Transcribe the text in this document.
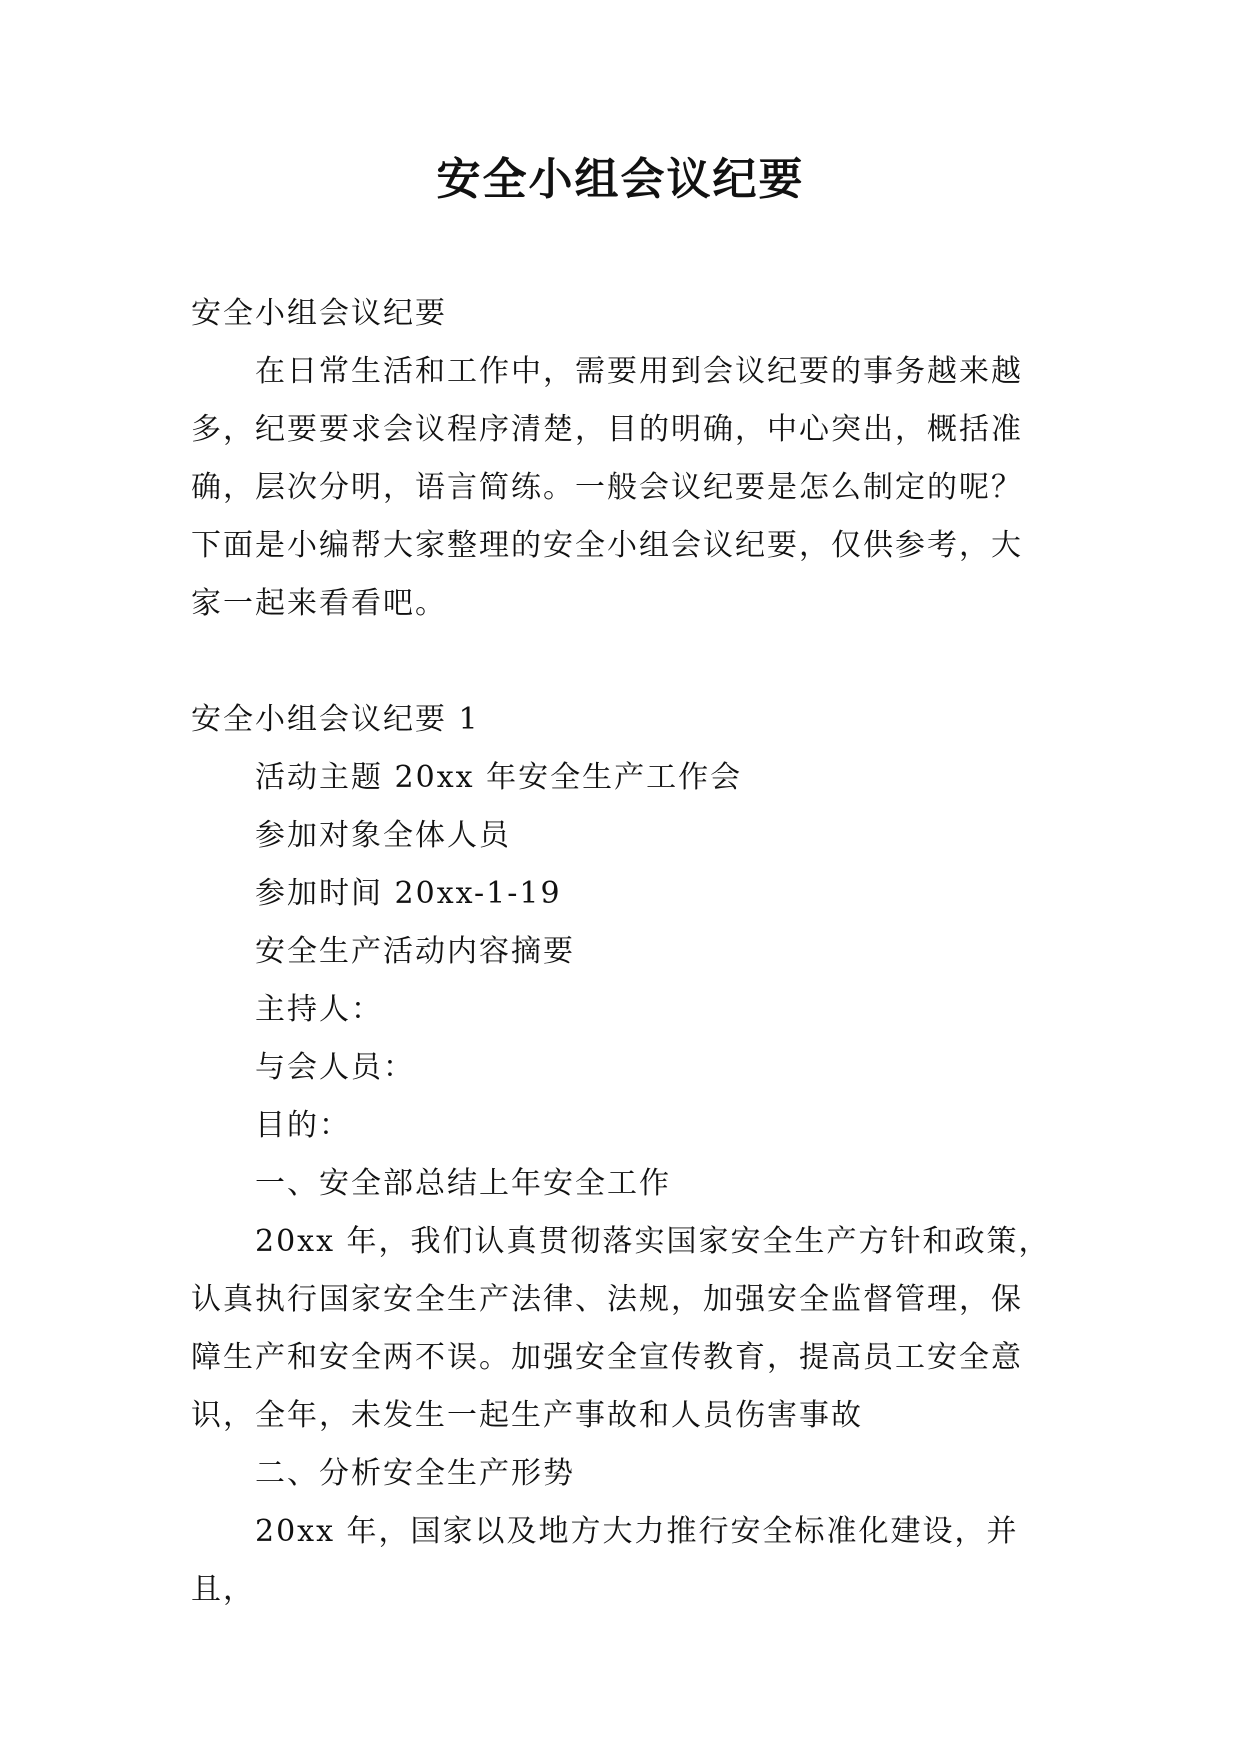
安全小组会议纪要

安全小组会议纪要

在日常生活和工作中，需要用到会议纪要的事务越来越

多，纪要要求会议程序清楚，目的明确，中心突出，概括准

确，层次分明，语言简练。一般会议纪要是怎么制定的呢？

下面是小编帮大家整理的安全小组会议纪要，仅供参考，大

家一起来看看吧。

安全小组会议纪要 1

活动主题 20xx 年安全生产工作会

参加对象全体人员

参加时间 20xx-1-19

安全生产活动内容摘要

主持人：

与会人员：

目的：

一、安全部总结上年安全工作

20xx 年，我们认真贯彻落实国家安全生产方针和政策，

认真执行国家安全生产法律、法规，加强安全监督管理，保

障生产和安全两不误。加强安全宣传教育，提高员工安全意

识，全年，未发生一起生产事故和人员伤害事故

二、分析安全生产形势

20xx 年，国家以及地方大力推行安全标准化建设，并且，
